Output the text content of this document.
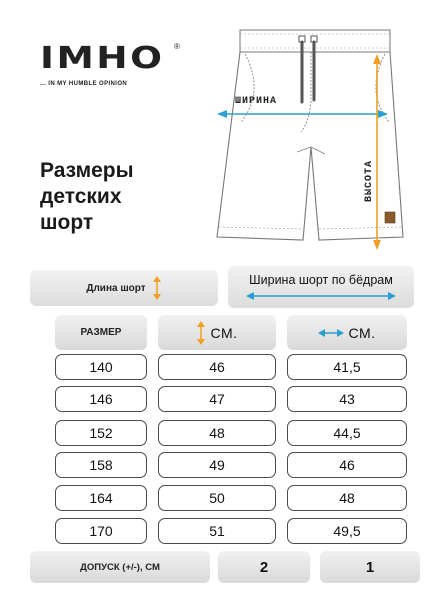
IMHO ®
... IN MY HUMBLE OPINION
Размеры
детских
шорт
ШИРИНА
ВЫСОТА
Длина шорт
Ширина шорт по бёдрам
РАЗМЕР	СМ.	СМ.
140	46	41,5
146	47	43
152	48	44,5
158	49	46
164	50	48
170	51	49,5
ДОПУСК (+/-), СМ	2	1
